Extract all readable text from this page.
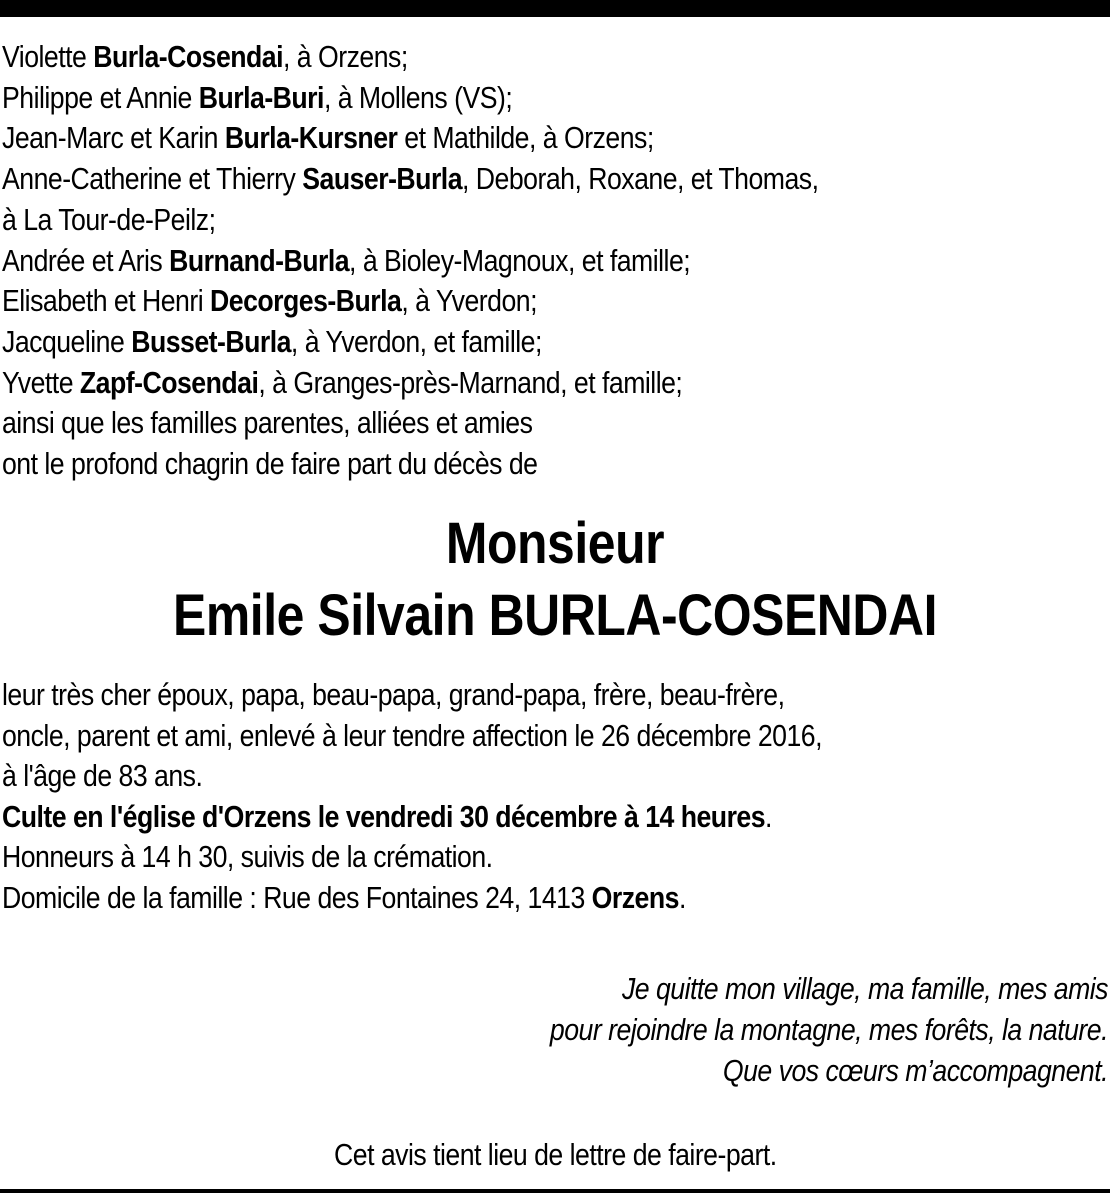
Violette Burla-Cosendai, à Orzens;
Philippe et Annie Burla-Buri, à Mollens (VS);
Jean-Marc et Karin Burla-Kursner et Mathilde, à Orzens;
Anne-Catherine et Thierry Sauser-Burla, Deborah, Roxane, et Thomas,
à La Tour-de-Peilz;
Andrée et Aris Burnand-Burla, à Bioley-Magnoux, et famille;
Elisabeth et Henri Decorges-Burla, à Yverdon;
Jacqueline Busset-Burla, à Yverdon, et famille;
Yvette Zapf-Cosendai, à Granges-près-Marnand, et famille;
ainsi que les familles parentes, alliées et amies
ont le profond chagrin de faire part du décès de
Monsieur
Emile Silvain BURLA-COSENDAI
leur très cher époux, papa, beau-papa, grand-papa, frère, beau-frère,
oncle, parent et ami, enlevé à leur tendre affection le 26 décembre 2016,
à l'âge de 83 ans.
Culte en l'église d'Orzens le vendredi 30 décembre à 14 heures.
Honneurs à 14 h 30, suivis de la crémation.
Domicile de la famille : Rue des Fontaines 24, 1413 Orzens.
Je quitte mon village, ma famille, mes amis
pour rejoindre la montagne, mes forêts, la nature.
Que vos cœurs m’accompagnent.
Cet avis tient lieu de lettre de faire-part.
